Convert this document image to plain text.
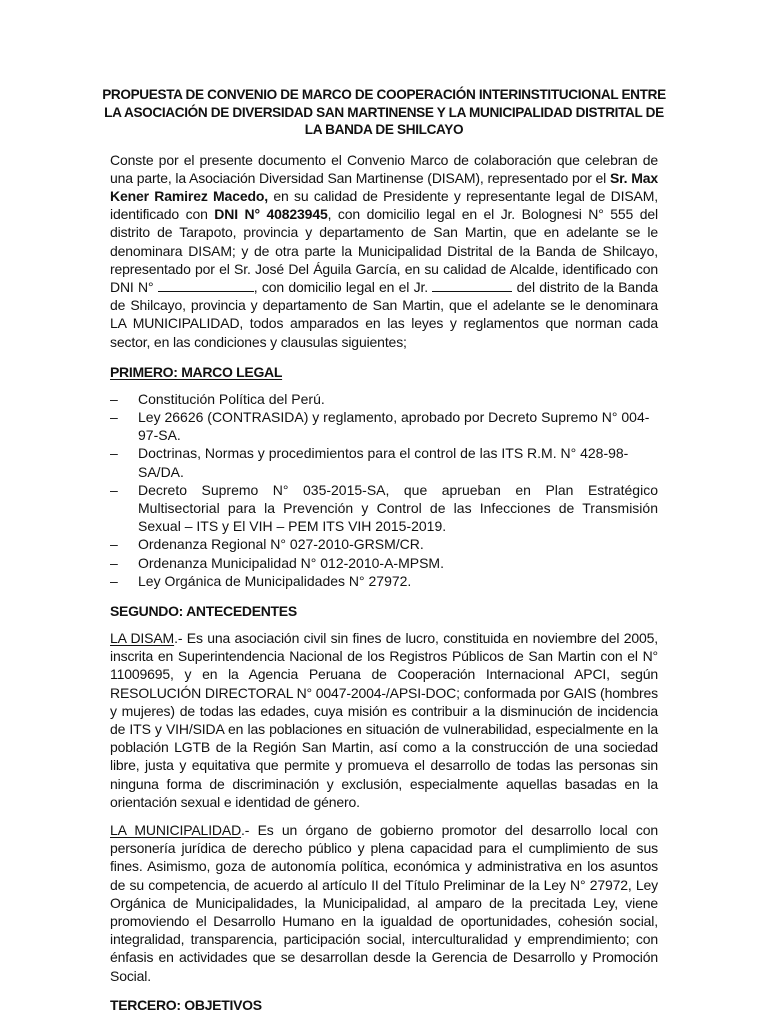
PROPUESTA DE CONVENIO DE MARCO DE COOPERACIÓN INTERINSTITUCIONAL ENTRE LA ASOCIACIÓN DE DIVERSIDAD SAN MARTINENSE Y LA MUNICIPALIDAD DISTRITAL DE LA BANDA DE SHILCAYO

Conste por el presente documento el Convenio Marco de colaboración que celebran de una parte, la Asociación Diversidad San Martinense (DISAM), representado por el Sr. Max Kener Ramirez Macedo, en su calidad de Presidente y representante legal de DISAM, identificado con DNI N° 40823945, con domicilio legal en el Jr. Bolognesi N° 555 del distrito de Tarapoto, provincia y departamento de San Martin, que en adelante se le denominara DISAM; y de otra parte la Municipalidad Distrital de la Banda de Shilcayo, representado por el Sr. José Del Águila García, en su calidad de Alcalde, identificado con DNI N°	, con domicilio legal en el Jr.	del distrito de la Banda de Shilcayo, provincia y departamento de San Martin, que el adelante se le denominara LA MUNICIPALIDAD, todos amparados en las leyes y reglamentos que norman cada sector, en las condiciones y clausulas siguientes;

PRIMERO: MARCO LEGAL
–	Constitución Política del Perú.
–	Ley 26626 (CONTRASIDA) y reglamento, aprobado por Decreto Supremo N° 004-97-SA.
–	Doctrinas, Normas y procedimientos para el control de las ITS R.M. N° 428-98-SA/DA.
–	Decreto Supremo N° 035-2015-SA, que aprueban en Plan Estratégico Multisectorial para la Prevención y Control de las Infecciones de Transmisión Sexual – ITS y El VIH – PEM ITS VIH 2015-2019.
–	Ordenanza Regional N° 027-2010-GRSM/CR.
–	Ordenanza Municipalidad N° 012-2010-A-MPSM.
–	Ley Orgánica de Municipalidades N° 27972.
SEGUNDO: ANTECEDENTES

LA DISAM.- Es una asociación civil sin fines de lucro, constituida en noviembre del 2005, inscrita en Superintendencia Nacional de los Registros Públicos de San Martin con el N° 11009695, y en la Agencia Peruana de Cooperación Internacional APCI, según RESOLUCIÓN DIRECTORAL N° 0047-2004-/APSI-DOC; conformada por GAIS (hombres y mujeres) de todas las edades, cuya misión es contribuir a la disminución de incidencia de ITS y VIH/SIDA en las poblaciones en situación de vulnerabilidad, especialmente en la población LGTB de la Región San Martin, así como a la construcción de una sociedad libre, justa y equitativa que permite y promueva el desarrollo de todas las personas sin ninguna forma de discriminación y exclusión, especialmente aquellas basadas en la orientación sexual e identidad de género.

LA MUNICIPALIDAD.- Es un órgano de gobierno promotor del desarrollo local con personería jurídica de derecho público y plena capacidad para el cumplimiento de sus fines. Asimismo, goza de autonomía política, económica y administrativa en los asuntos de su competencia, de acuerdo al artículo II del Título Preliminar de la Ley N° 27972, Ley Orgánica de Municipalidades, la Municipalidad, al amparo de la precitada Ley, viene promoviendo el Desarrollo Humano en la igualdad de oportunidades, cohesión social, integralidad, transparencia, participación social, interculturalidad y emprendimiento; con énfasis en actividades que se desarrollan desde la Gerencia de Desarrollo y Promoción Social.

TERCERO: OBJETIVOS
